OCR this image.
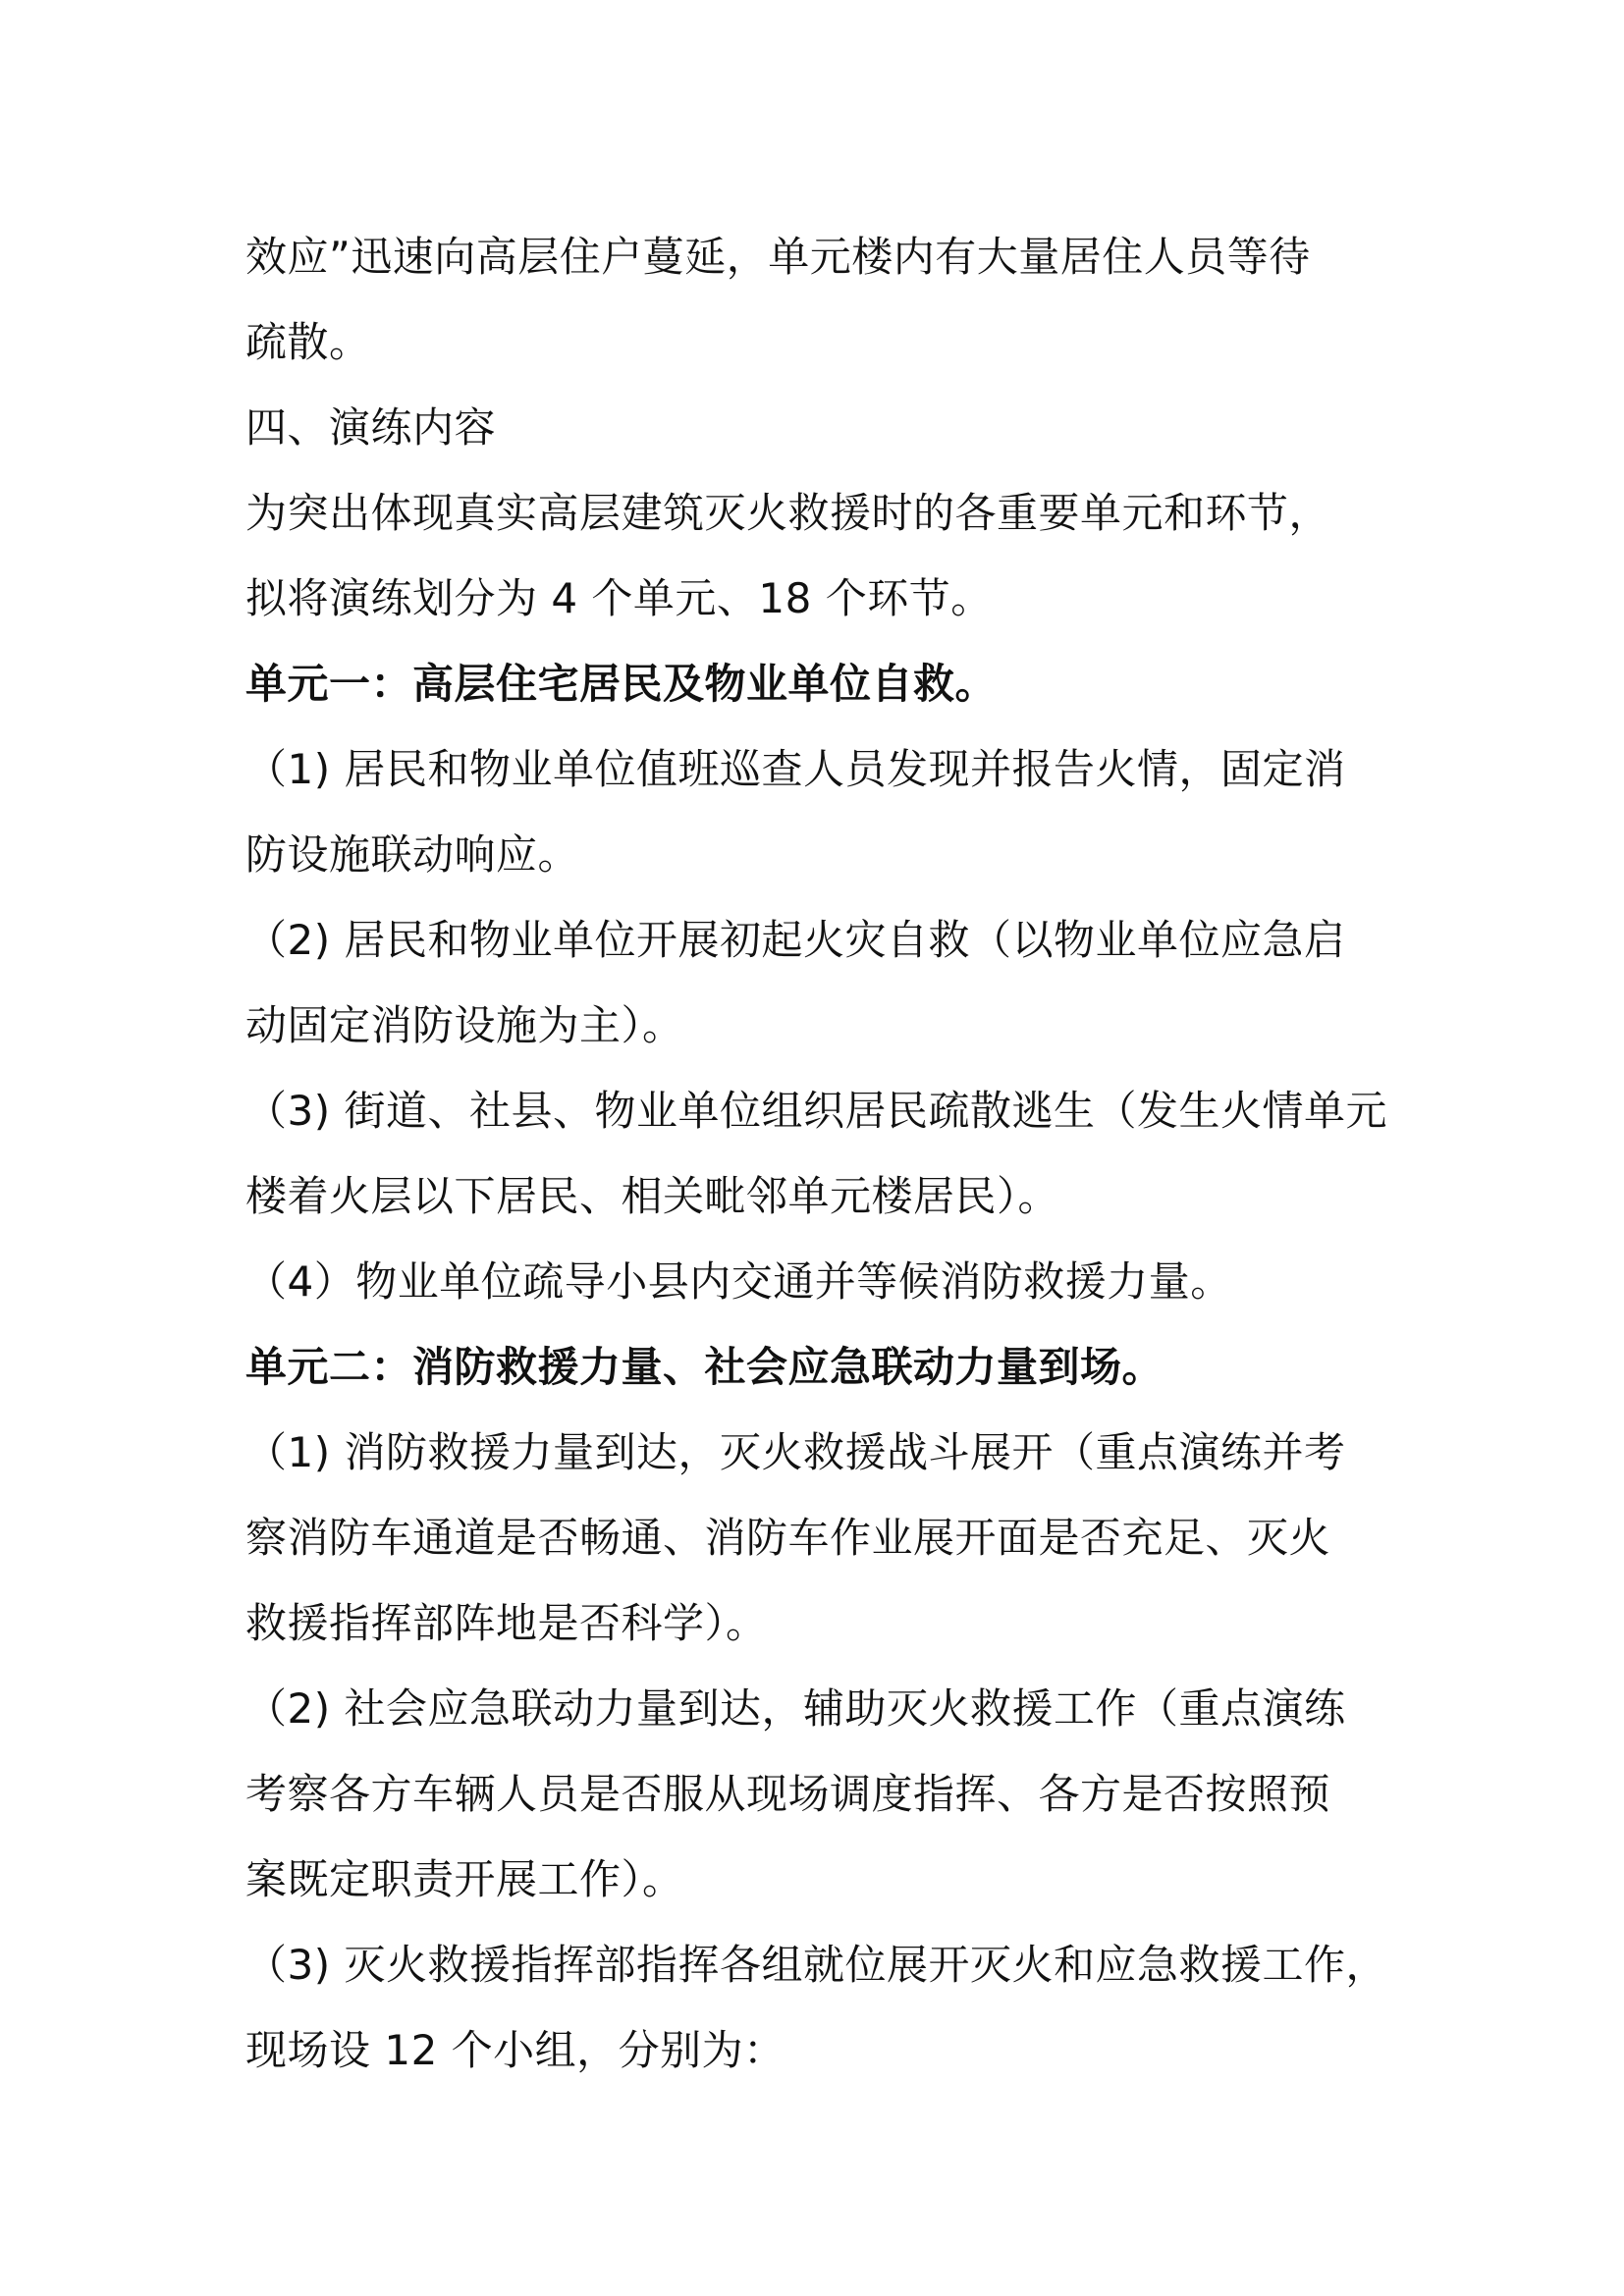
效应”迅速向高层住户蔓延，单元楼内有大量居住人员等待
疏散。
四、演练内容
为突出体现真实高层建筑灭火救援时的各重要单元和环节，
拟将演练划分为 4 个单元、18 个环节。
单元一：高层住宅居民及物业单位自救。
（1) 居民和物业单位值班巡查人员发现并报告火情，固定消
防设施联动响应。
（2) 居民和物业单位开展初起火灾自救（以物业单位应急启
动固定消防设施为主）。
（3) 街道、社县、物业单位组织居民疏散逃生（发生火情单元
楼着火层以下居民、相关毗邻单元楼居民）。
（4）物业单位疏导小县内交通并等候消防救援力量。
单元二：消防救援力量、社会应急联动力量到场。
（1) 消防救援力量到达，灭火救援战斗展开（重点演练并考
察消防车通道是否畅通、消防车作业展开面是否充足、灭火
救援指挥部阵地是否科学）。
（2) 社会应急联动力量到达，辅助灭火救援工作（重点演练
考察各方车辆人员是否服从现场调度指挥、各方是否按照预
案既定职责开展工作）。
（3) 灭火救援指挥部指挥各组就位展开灭火和应急救援工作，
现场设 12 个小组，分别为：
